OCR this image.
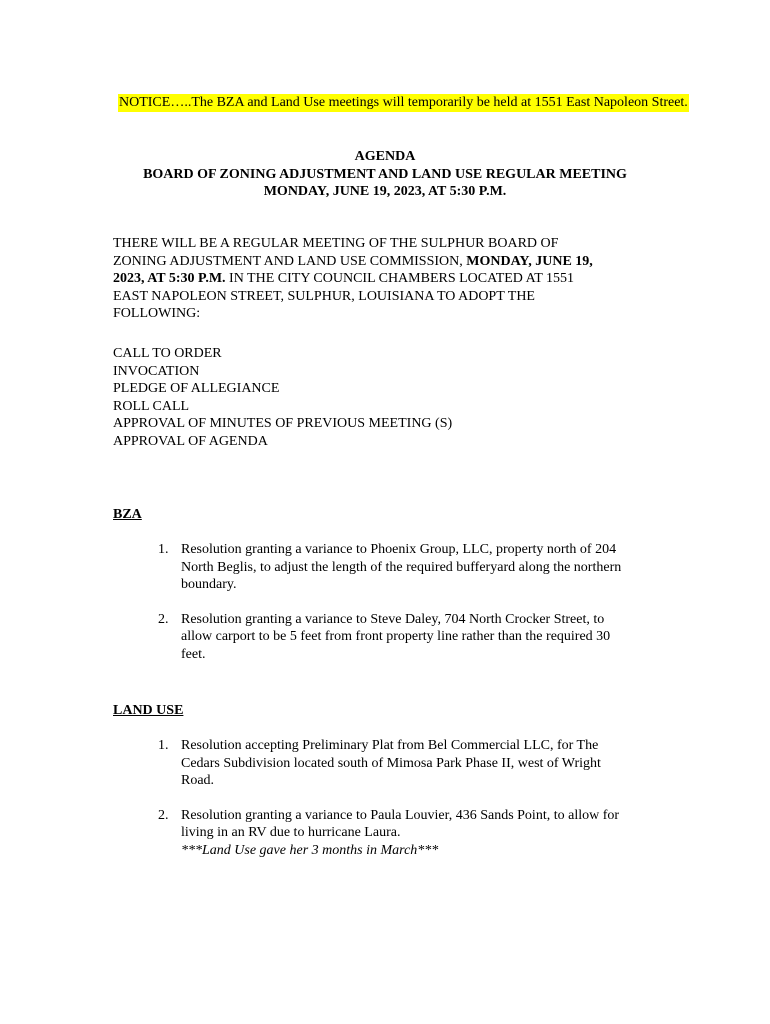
NOTICE…..The BZA and Land Use meetings will temporarily be held at 1551 East Napoleon Street.
AGENDA
BOARD OF ZONING ADJUSTMENT AND LAND USE REGULAR MEETING
MONDAY, JUNE 19, 2023, AT 5:30 P.M.
THERE WILL BE A REGULAR MEETING OF THE SULPHUR BOARD OF
ZONING ADJUSTMENT AND LAND USE COMMISSION, MONDAY, JUNE 19,
2023, AT 5:30 P.M. IN THE CITY COUNCIL CHAMBERS LOCATED AT 1551
EAST NAPOLEON STREET, SULPHUR, LOUISIANA TO ADOPT THE
FOLLOWING:
CALL TO ORDER
INVOCATION
PLEDGE OF ALLEGIANCE
ROLL CALL
APPROVAL OF MINUTES OF PREVIOUS MEETING (S)
APPROVAL OF AGENDA
BZA
1. Resolution granting a variance to Phoenix Group, LLC, property north of 204
North Beglis, to adjust the length of the required bufferyard along the northern
boundary.
2. Resolution granting a variance to Steve Daley, 704 North Crocker Street, to
allow carport to be 5 feet from front property line rather than the required 30
feet.
LAND USE
1. Resolution accepting Preliminary Plat from Bel Commercial LLC, for The
Cedars Subdivision located south of Mimosa Park Phase II, west of Wright
Road.
2. Resolution granting a variance to Paula Louvier, 436 Sands Point, to allow for
living in an RV due to hurricane Laura.
***Land Use gave her 3 months in March***
